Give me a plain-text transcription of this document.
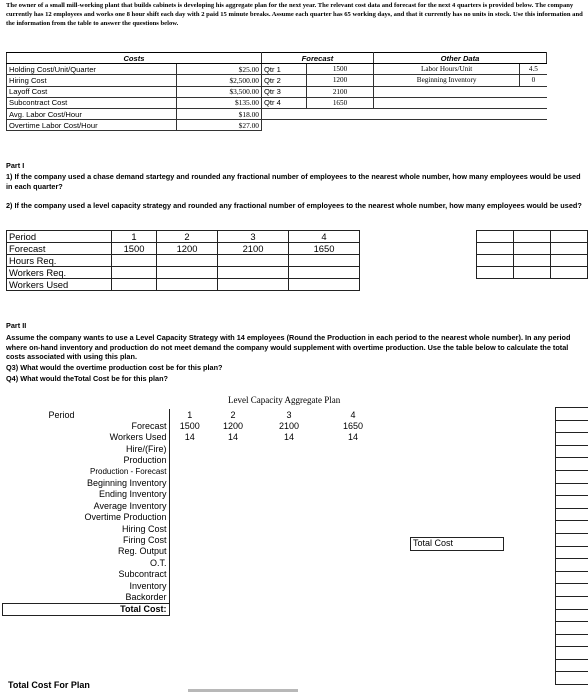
The owner of a small mill-working plant that builds cabinets is developing his aggregate plan for the next year. The relevant cost data and forecast for the next 4 quarters is provided below. The company currently has 12 employees and works one 8 hour shift each day with 2 paid 15 minute breaks. Assume each quarter has 65 working days, and that it currently has no units in stock. Use this information and the information from the table to answer the questions below.
Costs		Forecast		Other Data	
Holding Cost/Unit/Quarter	$25.00	Qtr 1	1500	Labor Hours/Unit	4.5
Hiring Cost	$2,500.00	Qtr 2	1200	Beginning Inventory	0
Layoff Cost	$3,500.00	Qtr 3	2100		
Subcontract Cost	$135.00	Qtr 4	1650		
Avg. Labor Cost/Hour	$18.00				
Overtime Labor Cost/Hour	$27.00				
Part I
1) If the company used a chase demand startegy and rounded any fractional number of employees to the nearest whole number, how many employees would be used in each quarter?
2) If the company used a level capacity strategy and rounded any fractional number of employees to the nearest whole number, how many employees would be used?
Period	1	2	3	4
Forecast	1500	1200	2100	1650
Hours Req.				
Workers Req.				
Workers Used				

Part II
Assume the company wants to use a Level Capacity Strategy with 14 employees (Round the Production in each period to the nearest whole number). In any period where on-hand inventory and production do not meet demand the company would supplement with overtime production. Use the table below to calculate the total costs associated with using this plan.
Q3) What would the overtime production cost be for this plan?
Q4) What would theTotal Cost be for this plan?
Level Capacity Aggregate Plan
Period	1	2	3	4
Forecast	1500	1200	2100	1650
Workers Used	14	14	14	14
Hire/(Fire)				
Production				
Production - Forecast				
Beginning Inventory				
Ending Inventory				
Average Inventory				
Overtime Production				
Hiring Cost				
Firing Cost				
Reg. Output				
O.T.				
Subcontract				
Inventory				
Backorder				
Total Cost:				
Total Cost
Total Cost For Plan
